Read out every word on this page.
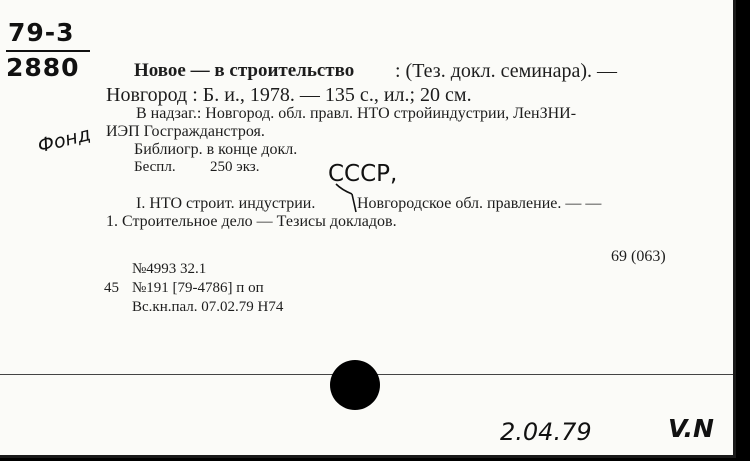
79-3
2880
Фонд
Новое — в строительство : (Тез. докл. семинара). —
Новгород : Б. и., 1978. — 135 с., ил.; 20 см.
В надзаг.: Новгород. обл. правл. НТО стройиндустрии, ЛенЗНИ-
ИЭП Госгражданстроя.
Библиогр. в конце докл.
Беспл. 250 экз.	СССР,
I. НТО строит. индустрии.	Новгородское обл. правление. — —
1. Строительное дело — Тезисы докладов.
69 (063)
№4993 32.1
45 №191 [79-4786] п оп
Вс.кн.пал. 07.02.79 Н74
2.04.79	V.N
